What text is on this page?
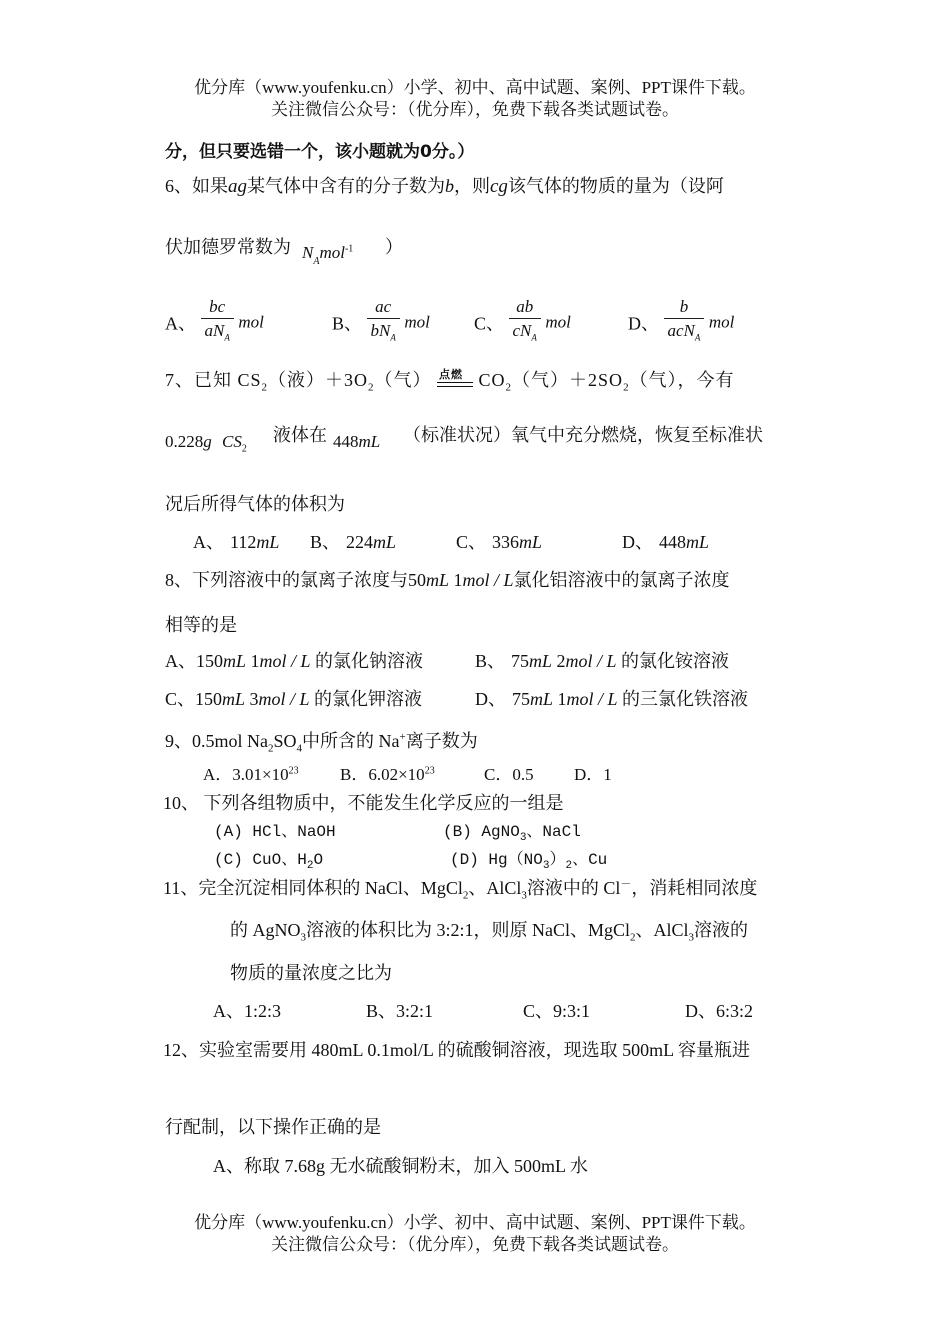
优分库（www.youfenku.cn）小学、初中、高中试题、案例、PPT课件下载。
关注微信公众号：（优分库），免费下载各类试题试卷。
分，但只要选错一个，该小题就为0分。）
6、如果ag某气体中含有的分子数为b，则cg该气体的物质的量为（设阿
伏加德罗常数为 $N_Amol^{-1}$ ）
A、 $\frac{bc}{aN_A}$ mol	B、 $\frac{ac}{bN_A}$ mol C、 $\frac{ab}{cN_A}$ mol	D、 $\frac{b}{acN_A}$ mol
7、已知 $CS_2$（液）$+3O_2$（气） 点燃 $CO_2$（气）$+2SO_2$（气），今有
0.228g $CS_2$
液体在 448mL （标准状况）氧气中充分燃烧，恢复至标准状
况后所得气体的体积为
A、 112mL B、 224mL	C、 336mL	D、 448mL
8、下列溶液中的氯离子浓度与50mL 1mol / L氯化铝溶液中的氯离子浓度
相等的是
A、150mL 1mol / L 的氯化钠溶液	B、 75mL 2mol / L 的氯化铵溶液
C、150mL 3mol / L 的氯化钾溶液	D、 75mL 1mol / L 的三氯化铁溶液
9、0.5mol $Na_2SO_4$中所含的 Na+离子数为
A．$3.01\times 10^{23}$ B．$6.02\times 10^{23}$	C．0.5 D．1
10、 下列各组物质中，不能发生化学反应的一组是
(A) HCl、NaOH	(B) AgNO$_3$、NaCl
(C) CuO、$H_2O$	(D) $Hg(NO_3)_2$、Cu
11、完全沉淀相同体积的 NaCl、MgCl$_2$、AlCl$_3$溶液中的 Cl－，消耗相同浓度
的 AgNO$_3$溶液的体积比为 3:2:1，则原 NaCl、MgCl$_2$、AlCl$_3$溶液的
物质的量浓度之比为
A、1:2:3	B、3:2:1	C、9:3:1	D、6:3:2
12、实验室需要用 480mL 0.1mol/L 的硫酸铜溶液，现选取 500mL 容量瓶进
行配制，以下操作正确的是
A、称取 7.68g 无水硫酸铜粉末，加入 500mL 水
优分库（www.youfenku.cn）小学、初中、高中试题、案例、PPT课件下载。
关注微信公众号：（优分库），免费下载各类试题试卷。
